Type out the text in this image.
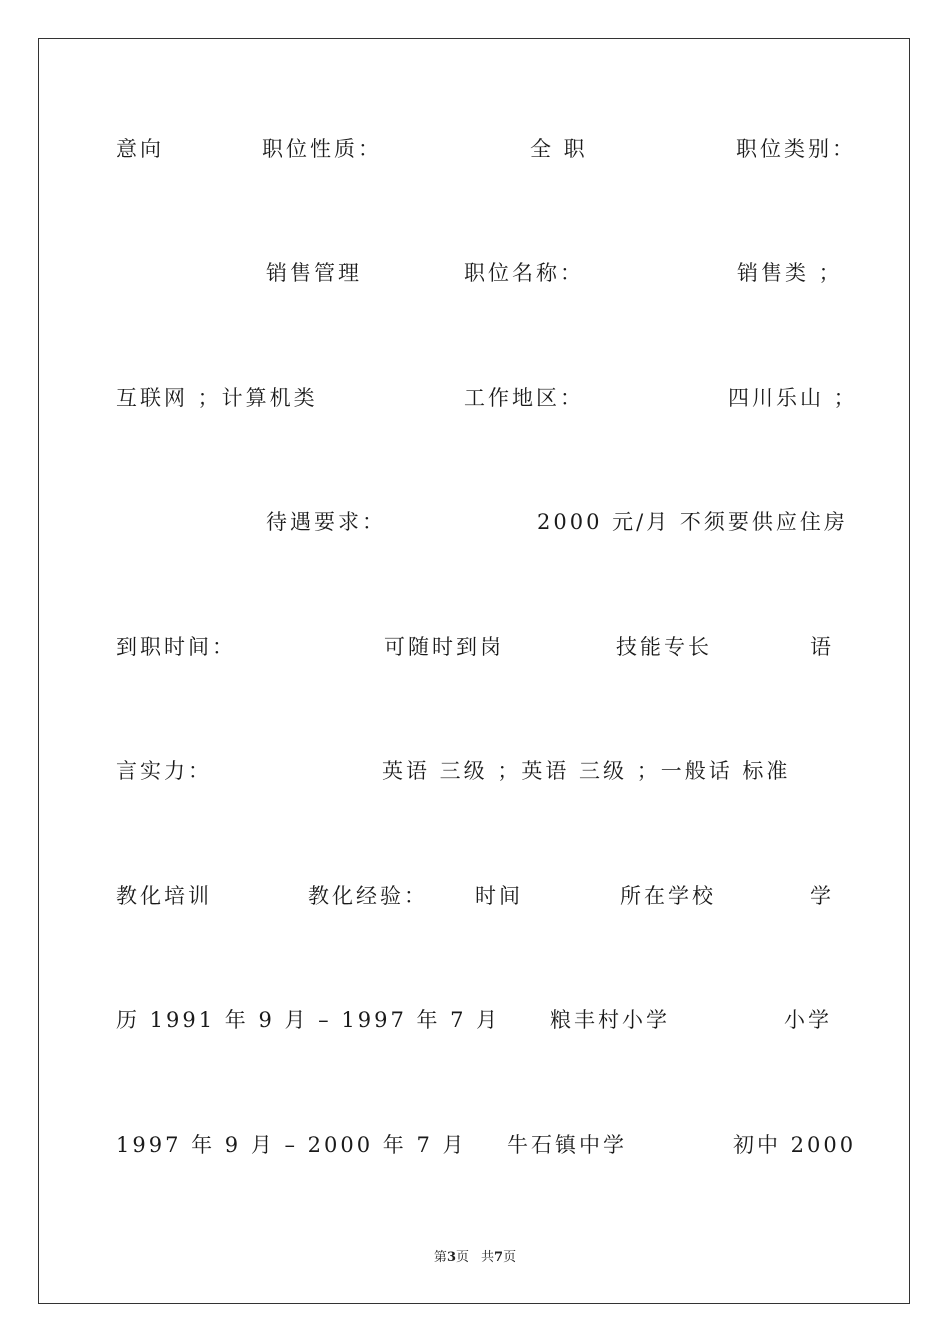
意向	职位性质：	全 职	职位类别：
销售管理	职位名称：	销售类 ；
互联网 ；计算机类	工作地区：	四川乐山 ；
待遇要求：	2000 元/月 不须要供应住房
到职时间：	可随时到岗	技能专长	语
言实力：	英语 三级 ；英语 三级 ；一般话 标准
教化培训	教化经验： 时间	所在学校	学
历 1991 年 9 月 – 1997 年 7 月 粮丰村小学	小学
1997 年 9 月 – 2000 年 7 月 牛石镇中学	初中 2000
第3页 共7页
